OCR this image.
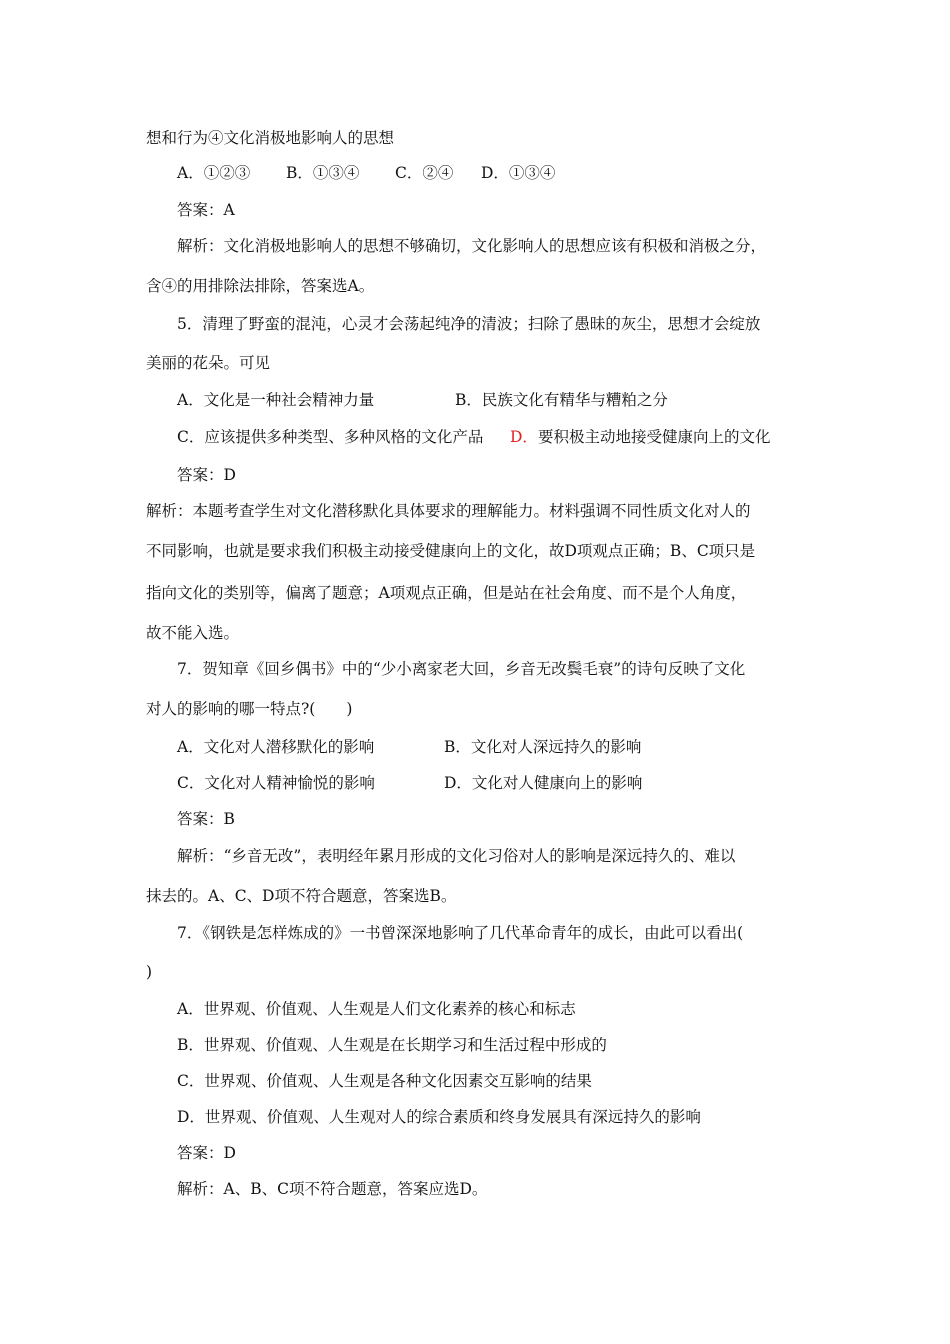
想和行为④文化消极地影响人的思想
A．①②③ B．①③④ C．②④ D．①③④
答案：A
解析：文化消极地影响人的思想不够确切，文化影响人的思想应该有积极和消极之分，
含④的用排除法排除，答案选A。
5．清理了野蛮的混沌，心灵才会荡起纯净的清波；扫除了愚昧的灰尘，思想才会绽放
美丽的花朵。可见
A．文化是一种社会精神力量	B．民族文化有精华与糟粕之分
C．应该提供多种类型、多种风格的文化产品 D．要积极主动地接受健康向上的文化
答案：D
解析：本题考查学生对文化潜移默化具体要求的理解能力。材料强调不同性质文化对人的
不同影响，也就是要求我们积极主动接受健康向上的文化，故D项观点正确；B、C项只是
指向文化的类别等，偏离了题意；A项观点正确，但是站在社会角度、而不是个人角度，
故不能入选。
7．贺知章《回乡偶书》中的“少小离家老大回，乡音无改鬓毛衰”的诗句反映了文化
对人的影响的哪一特点?(　　)
A．文化对人潜移默化的影响	B．文化对人深远持久的影响
C．文化对人精神愉悦的影响	D．文化对人健康向上的影响
答案：B
解析：“乡音无改”，表明经年累月形成的文化习俗对人的影响是深远持久的、难以
抹去的。A、C、D项不符合题意，答案选B。
7．《钢铁是怎样炼成的》一书曾深深地影响了几代革命青年的成长，由此可以看出(
)
A．世界观、价值观、人生观是人们文化素养的核心和标志
B．世界观、价值观、人生观是在长期学习和生活过程中形成的
C．世界观、价值观、人生观是各种文化因素交互影响的结果
D．世界观、价值观、人生观对人的综合素质和终身发展具有深远持久的影响
答案：D
解析：A、B、C项不符合题意，答案应选D。
